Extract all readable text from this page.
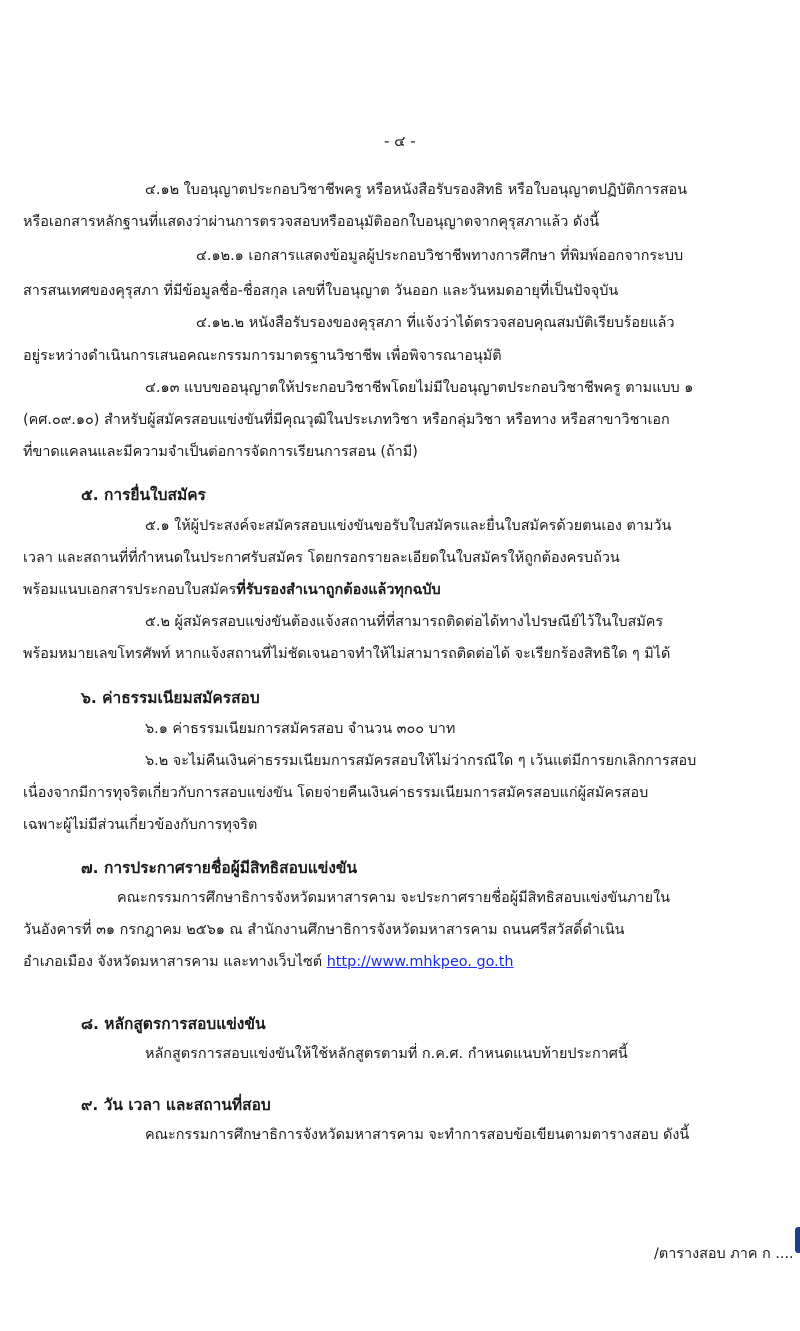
- ๔ -
๔.๑๒ ใบอนุญาตประกอบวิชาชีพครู หรือหนังสือรับรองสิทธิ หรือใบอนุญาตปฏิบัติการสอน
หรือเอกสารหลักฐานที่แสดงว่าผ่านการตรวจสอบหรืออนุมัติออกใบอนุญาตจากคุรุสภาแล้ว ดังนี้
๔.๑๒.๑ เอกสารแสดงข้อมูลผู้ประกอบวิชาชีพทางการศึกษา ที่พิมพ์ออกจากระบบ
สารสนเทศของคุรุสภา ที่มีข้อมูลชื่อ-ชื่อสกุล เลขที่ใบอนุญาต วันออก และวันหมดอายุที่เป็นปัจจุบัน
๔.๑๒.๒ หนังสือรับรองของคุรุสภา ที่แจ้งว่าได้ตรวจสอบคุณสมบัติเรียบร้อยแล้ว
อยู่ระหว่างดำเนินการเสนอคณะกรรมการมาตรฐานวิชาชีพ เพื่อพิจารณาอนุมัติ
๔.๑๓ แบบขออนุญาตให้ประกอบวิชาชีพโดยไม่มีใบอนุญาตประกอบวิชาชีพครู ตามแบบ ๑
(คศ.๐๙.๑๐) สำหรับผู้สมัครสอบแข่งขันที่มีคุณวุฒิในประเภทวิชา หรือกลุ่มวิชา หรือทาง หรือสาขาวิชาเอก
ที่ขาดแคลนและมีความจำเป็นต่อการจัดการเรียนการสอน (ถ้ามี)
๕. การยื่นใบสมัคร
๕.๑ ให้ผู้ประสงค์จะสมัครสอบแข่งขันขอรับใบสมัครและยื่นใบสมัครด้วยตนเอง ตามวัน
เวลา และสถานที่ที่กำหนดในประกาศรับสมัคร โดยกรอกรายละเอียดในใบสมัครให้ถูกต้องครบถ้วน
พร้อมแนบเอกสารประกอบใบสมัครที่รับรองสำเนาถูกต้องแล้วทุกฉบับ
๕.๒ ผู้สมัครสอบแข่งขันต้องแจ้งสถานที่ที่สามารถติดต่อได้ทางไปรษณีย์ไว้ในใบสมัคร
พร้อมหมายเลขโทรศัพท์ หากแจ้งสถานที่ไม่ชัดเจนอาจทำให้ไม่สามารถติดต่อได้ จะเรียกร้องสิทธิใด ๆ มิได้
๖. ค่าธรรมเนียมสมัครสอบ
๖.๑ ค่าธรรมเนียมการสมัครสอบ จำนวน ๓๐๐ บาท
๖.๒ จะไม่คืนเงินค่าธรรมเนียมการสมัครสอบให้ไม่ว่ากรณีใด ๆ เว้นแต่มีการยกเลิกการสอบ
เนื่องจากมีการทุจริตเกี่ยวกับการสอบแข่งขัน โดยจ่ายคืนเงินค่าธรรมเนียมการสมัครสอบแก่ผู้สมัครสอบ
เฉพาะผู้ไม่มีส่วนเกี่ยวข้องกับการทุจริต
๗. การประกาศรายชื่อผู้มีสิทธิสอบแข่งขัน
คณะกรรมการศึกษาธิการจังหวัดมหาสารคาม จะประกาศรายชื่อผู้มีสิทธิสอบแข่งขันภายใน
วันอังคารที่ ๓๑ กรกฎาคม ๒๕๖๑ ณ สำนักงานศึกษาธิการจังหวัดมหาสารคาม ถนนศรีสวัสดิ์ดำเนิน
อำเภอเมือง จังหวัดมหาสารคาม และทางเว็บไซต์ http://www.mhkpeo. go.th
๘. หลักสูตรการสอบแข่งขัน
หลักสูตรการสอบแข่งขันให้ใช้หลักสูตรตามที่ ก.ค.ศ. กำหนดแนบท้ายประกาศนี้
๙. วัน เวลา และสถานที่สอบ
คณะกรรมการศึกษาธิการจังหวัดมหาสารคาม จะทำการสอบข้อเขียนตามตารางสอบ ดังนี้
/ตารางสอบ ภาค ก ....
